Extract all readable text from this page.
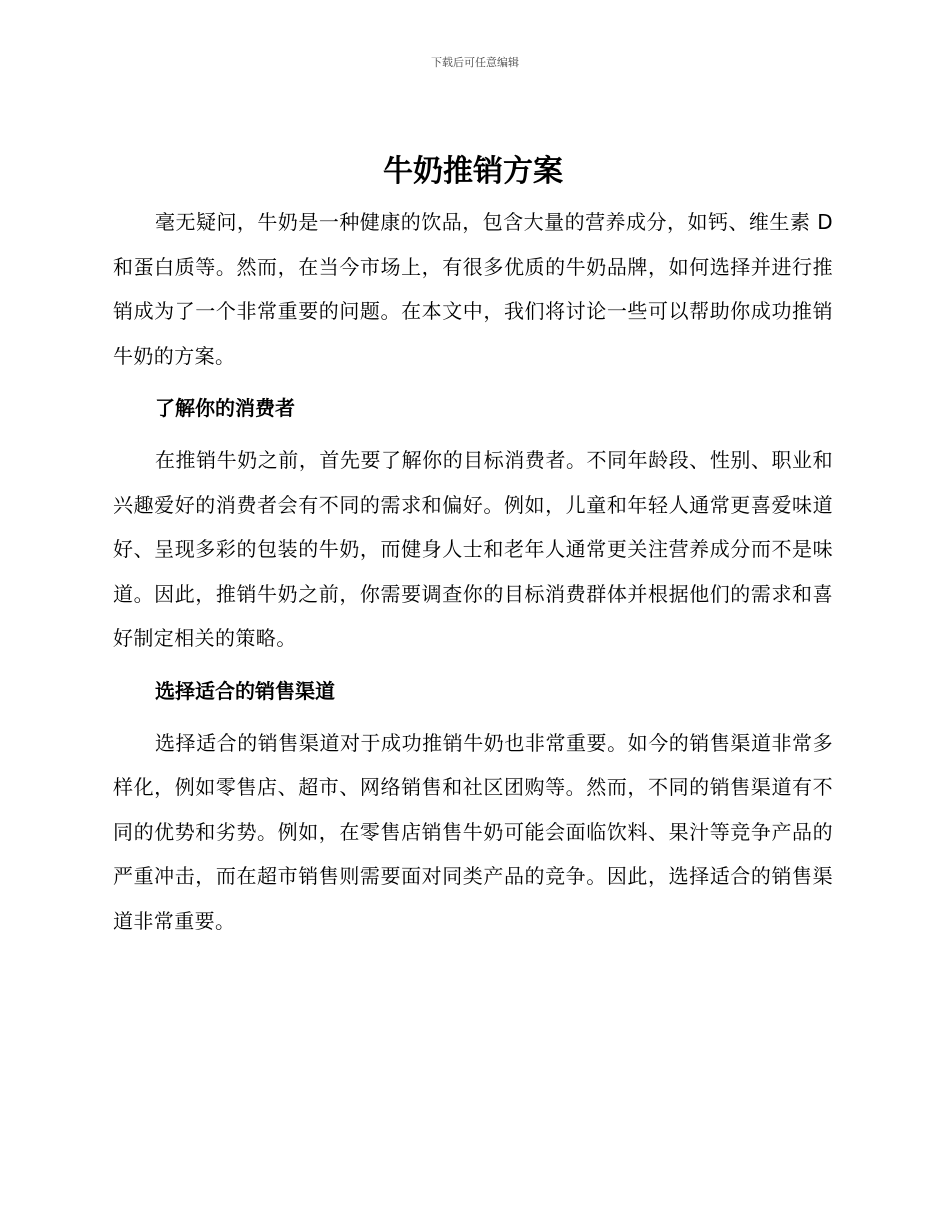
下载后可任意编辑
牛奶推销方案

毫无疑问，牛奶是一种健康的饮品，包含大量的营养成分，如钙、维生素 D 和蛋白质等。然而，在当今市场上，有很多优质的牛奶品牌，如何选择并进行推销成为了一个非常重要的问题。在本文中，我们将讨论一些可以帮助你成功推销牛奶的方案。

了解你的消费者

在推销牛奶之前，首先要了解你的目标消费者。不同年龄段、性别、职业和兴趣爱好的消费者会有不同的需求和偏好。例如，儿童和年轻人通常更喜爱味道好、呈现多彩的包装的牛奶，而健身人士和老年人通常更关注营养成分而不是味道。因此，推销牛奶之前，你需要调查你的目标消费群体并根据他们的需求和喜好制定相关的策略。

选择适合的销售渠道

选择适合的销售渠道对于成功推销牛奶也非常重要。如今的销售渠道非常多样化，例如零售店、超市、网络销售和社区团购等。然而，不同的销售渠道有不同的优势和劣势。例如，在零售店销售牛奶可能会面临饮料、果汁等竞争产品的严重冲击，而在超市销售则需要面对同类产品的竞争。因此，选择适合的销售渠道非常重要。
